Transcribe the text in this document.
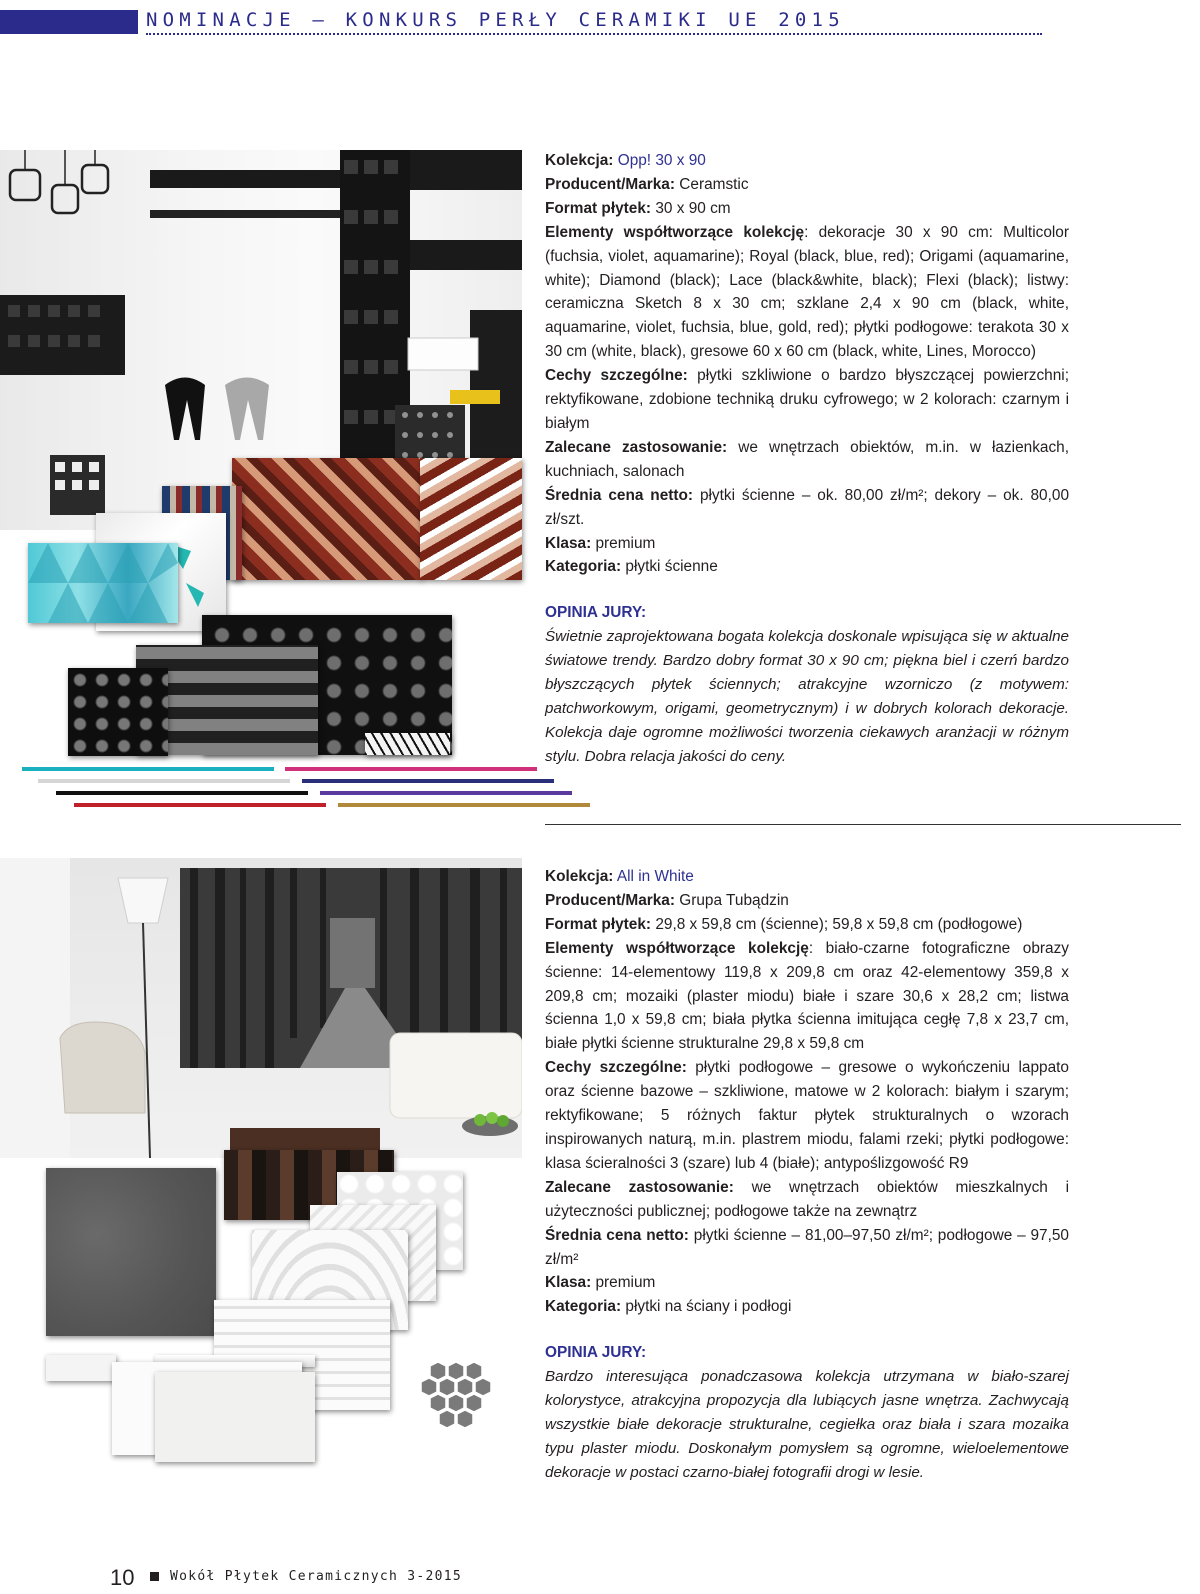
NOMINACJE – KONKURS PERŁY CERAMIKI UE 2015

Kolekcja: Opp! 30 x 90

Producent/Marka: Ceramstic

Format płytek: 30 x 90 cm

Elementy współtworzące kolekcję: dekoracje 30 x 90 cm: Multicolor (fuchsia, violet, aquamarine); Royal (black, blue, red); Origami (aquamarine, white); Diamond (black); Lace (black&white, black); Flexi (black); listwy: ceramiczna Sketch 8 x 30 cm; szklane 2,4 x 90 cm (black, white, aquamarine, violet, fuchsia, blue, gold, red); płytki podłogowe: terakota 30 x 30 cm (white, black), gresowe 60 x 60 cm (black, white, Lines, Morocco)

Cechy szczególne: płytki szkliwione o bardzo błyszczącej powierzchni; rektyfikowane, zdobione techniką druku cyfrowego; w 2 kolorach: czarnym i białym

Zalecane zastosowanie: we wnętrzach obiektów, m.in. w łazienkach, kuchniach, salonach

Średnia cena netto: płytki ścienne – ok. 80,00 zł/m²; dekory – ok. 80,00 zł/szt.

Klasa: premium

Kategoria: płytki ścienne

OPINIA JURY:

Świetnie zaprojektowana bogata kolekcja doskonale wpisująca się w aktualne światowe trendy. Bardzo dobry format 30 x 90 cm; piękna biel i czerń bardzo błyszczących płytek ściennych; atrakcyjne wzorniczo (z motywem: patchworkowym, origami, geometrycznym) i w dobrych kolorach dekoracje. Kolekcja daje ogromne możliwości tworzenia ciekawych aranżacji w różnym stylu. Dobra relacja jakości do ceny.

Kolekcja: All in White

Producent/Marka: Grupa Tubądzin

Format płytek: 29,8 x 59,8 cm (ścienne); 59,8 x 59,8 cm (podłogowe)

Elementy współtworzące kolekcję: biało-czarne fotograficzne obrazy ścienne: 14-elementowy 119,8 x 209,8 cm oraz 42-elementowy 359,8 x 209,8 cm; mozaiki (plaster miodu) białe i szare 30,6 x 28,2 cm; listwa ścienna 1,0 x 59,8 cm; biała płytka ścienna imitująca cegłę 7,8 x 23,7 cm, białe płytki ścienne strukturalne 29,8 x 59,8 cm

Cechy szczególne: płytki podłogowe – gresowe o wykończeniu lappato oraz ścienne bazowe – szkliwione, matowe w 2 kolorach: białym i szarym; rektyfikowane; 5 różnych faktur płytek strukturalnych o wzorach inspirowanych naturą, m.in. plastrem miodu, falami rzeki; płytki podłogowe: klasa ścieralności 3 (szare) lub 4 (białe); antypoślizgowość R9

Zalecane zastosowanie: we wnętrzach obiektów mieszkalnych i użyteczności publicznej; podłogowe także na zewnątrz

Średnia cena netto: płytki ścienne – 81,00–97,50 zł/m²; podłogowe – 97,50 zł/m²

Klasa: premium

Kategoria: płytki na ściany i podłogi

OPINIA JURY:

Bardzo interesująca ponadczasowa kolekcja utrzymana w biało-szarej kolorystyce, atrakcyjna propozycja dla lubiących jasne wnętrza. Zachwycają wszystkie białe dekoracje strukturalne, cegiełka oraz biała i szara mozaika typu plaster miodu. Doskonałym pomysłem są ogromne, wieloelementowe dekoracje w postaci czarno-białej fotografii drogi w lesie.

10	Wokół Płytek Ceramicznych 3-2015
